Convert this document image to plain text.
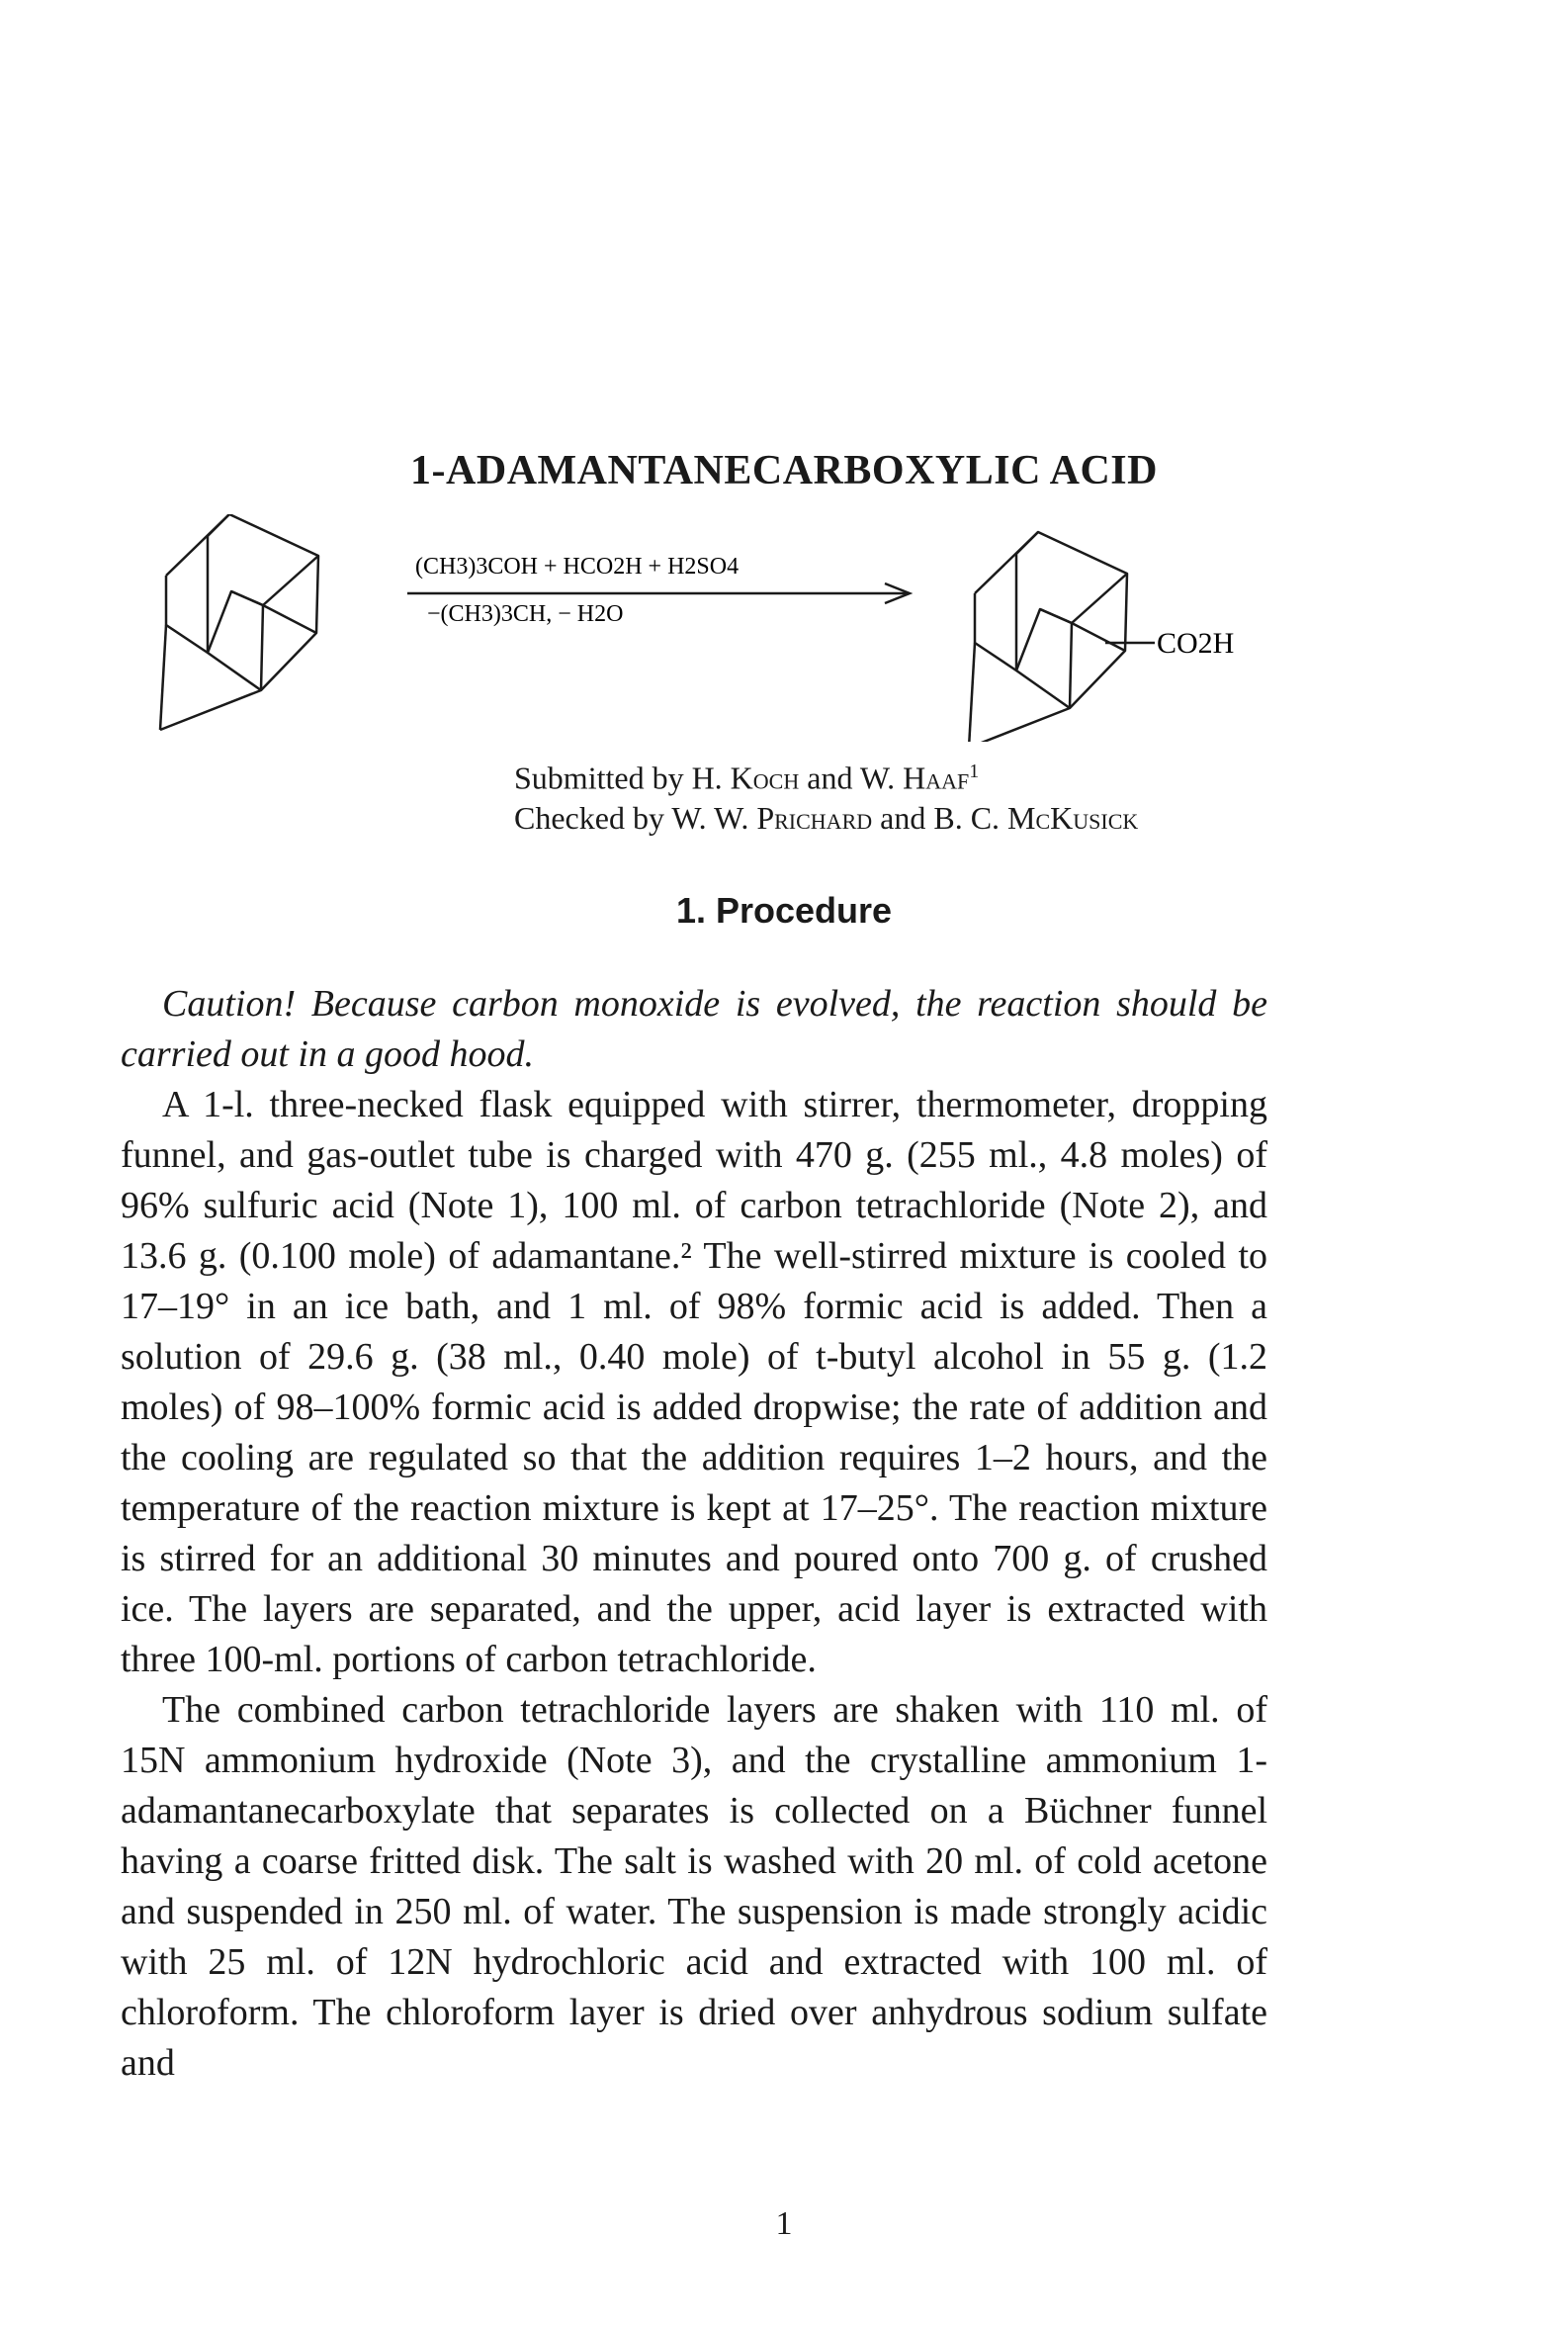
1-ADAMANTANECARBOXYLIC ACID
(CH3)3COH + HCO2H + H2SO4
−(CH3)3CH, − H2O
CO2H
Submitted by H. Koch and W. Haaf$^1$
Checked by W. W. Prichard and B. C. McKusick
1. Procedure

Caution! Because carbon monoxide is evolved, the reaction should be carried out in a good hood.

A 1-l. three-necked flask equipped with stirrer, thermometer, dropping funnel, and gas-outlet tube is charged with 470 g. (255 ml., 4.8 moles) of 96% sulfuric acid (Note 1), 100 ml. of carbon tetrachloride (Note 2), and 13.6 g. (0.100 mole) of adamantane.² The well-stirred mixture is cooled to 17–19° in an ice bath, and 1 ml. of 98% formic acid is added. Then a solution of 29.6 g. (38 ml., 0.40 mole) of t-butyl alcohol in 55 g. (1.2 moles) of 98–100% formic acid is added dropwise; the rate of addition and the cooling are regulated so that the addition requires 1–2 hours, and the temperature of the reaction mixture is kept at 17–25°. The reaction mixture is stirred for an additional 30 minutes and poured onto 700 g. of crushed ice. The layers are separated, and the upper, acid layer is extracted with three 100-ml. portions of carbon tetrachloride.

The combined carbon tetrachloride layers are shaken with 110 ml. of 15N ammonium hydroxide (Note 3), and the crystalline ammonium 1-adamantanecarboxylate that separates is collected on a Büchner funnel having a coarse fritted disk. The salt is washed with 20 ml. of cold acetone and suspended in 250 ml. of water. The suspension is made strongly acidic with 25 ml. of 12N hydrochloric acid and extracted with 100 ml. of chloroform. The chloroform layer is dried over anhydrous sodium sulfate and

1
